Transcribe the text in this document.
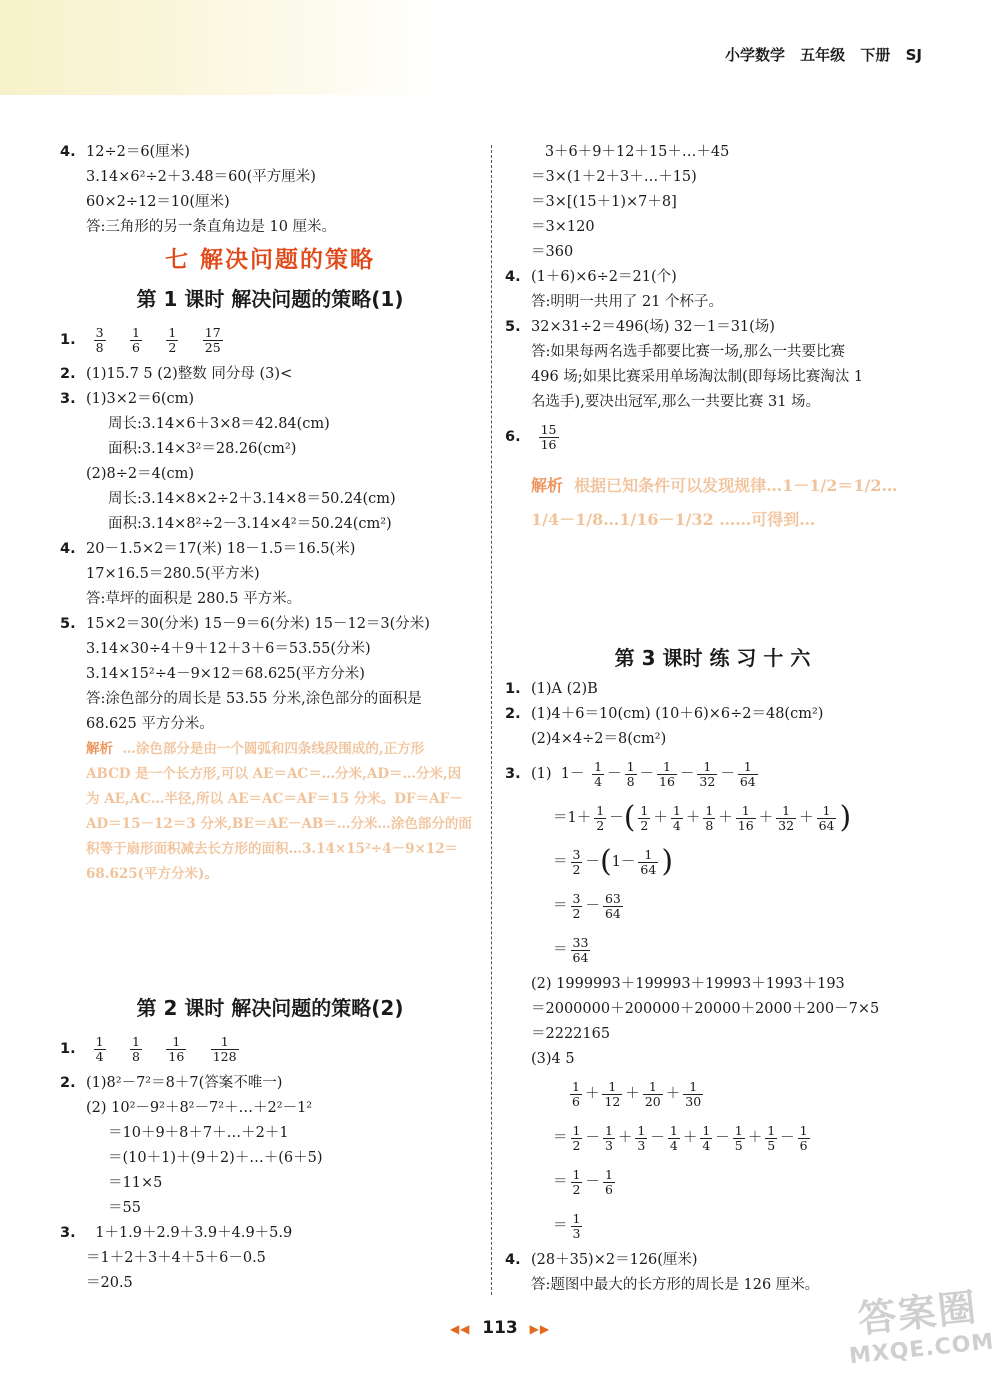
小学数学 五年级 下册 SJ
4. 12÷2＝6(厘米)
3.14×6²÷2＋3.48＝60(平方厘米)
60×2÷12＝10(厘米)
答:三角形的另一条直角边是 10 厘米。
七 解决问题的策略
第 1 课时 解决问题的策略(1)
1. $\frac{3}{8}$
$\frac{1}{6}$
$\frac{1}{2}$
$\frac{17}{25}$
2. (1)15.7 5 (2)整数 同分母 (3)<
3. (1)3×2＝6(cm)
周长:3.14×6＋3×8＝42.84(cm)
面积:3.14×3²＝28.26(cm²)
(2)8÷2＝4(cm)
周长:3.14×8×2÷2＋3.14×8＝50.24(cm)
面积:3.14×8²÷2－3.14×4²＝50.24(cm²)
4. 20－1.5×2＝17(米) 18－1.5＝16.5(米)
17×16.5＝280.5(平方米)
答:草坪的面积是 280.5 平方米。
5. 15×2＝30(分米) 15－9＝6(分米) 15－12＝3(分米)
3.14×30÷4＋9＋12＋3＋6＝53.55(分米)
3.14×15²÷4－9×12＝68.625(平方分米)
答:涂色部分的周长是 53.55 分米,涂色部分的面积是
68.625 平方分米。
解析 …涂色部分是由一个圆弧和四条线段围成的,正方形 ABCD 是一个长方形,可以 AE＝AC＝…分米,AD＝…分米,因为 AE,AC…半径,所以 AE＝AC＝AF＝15 分米。DF＝AF－AD＝15－12＝3 分米,BE＝AE－AB＝…分米…涂色部分的面积等于扇形面积减去长方形的面积…3.14×15²÷4－9×12＝68.625(平方分米)。
第 2 课时 解决问题的策略(2)
1. $\frac{1}{4}$
$\frac{1}{8}$
$\frac{1}{16}$
$\frac{1}{128}$
2. (1)8²－7²＝8＋7(答案不唯一)
(2) 10²－9²＋8²－7²＋…＋2²－1²
＝10＋9＋8＋7＋…＋2＋1
＝(10＋1)＋(9＋2)＋…＋(6＋5)
＝11×5
＝55
3. 1＋1.9＋2.9＋3.9＋4.9＋5.9
＝1＋2＋3＋4＋5＋6－0.5
＝20.5
3＋6＋9＋12＋15＋…＋45
＝3×(1＋2＋3＋…＋15)
＝3×[(15＋1)×7＋8]
＝3×120
＝360
4. (1＋6)×6÷2＝21(个)
答:明明一共用了 21 个杯子。
5. 32×31÷2＝496(场) 32－1＝31(场)
答:如果每两名选手都要比赛一场,那么一共要比赛
496 场;如果比赛采用单场淘汰制(即每场比赛淘汰 1
名选手),要决出冠军,那么一共要比赛 31 场。
6. $\frac{15}{16}$
解析 根据已知条件可以发现规律…1－1/2＝1/2…1/4－1/8…1/16－1/32 ……可得到…
第 3 课时 练 习 十 六
1. (1)A (2)B
2. (1)4＋6＝10(cm) (10＋6)×6÷2＝48(cm²)
(2)4×4÷2＝8(cm²)
3. (1)  $1- \frac{1}{4} - \frac{1}{8} - \frac{1}{16} - \frac{1}{32} - \frac{1}{64}$
$=1+ \frac{1}{2}$ －( $\frac{1}{2} + \frac{1}{4} + \frac{1}{8} + \frac{1}{16} + \frac{1}{32} + \frac{1}{64}$ )
＝ $\frac{3}{2} -(1- \frac{1}{64}$ )
＝ $\frac{3}{2} - \frac{63}{64}$
＝ $\frac{33}{64}$
(2) 1999993＋199993＋19993＋1993＋193
＝2000000＋200000＋20000＋2000＋200－7×5
＝2222165
(3)4 5
$\frac{1}{6} + \frac{1}{12} + \frac{1}{20} + \frac{1}{30}$
＝ $\frac{1}{2} - \frac{1}{3} + \frac{1}{3} - \frac{1}{4} + \frac{1}{4} - \frac{1}{5} + \frac{1}{5} - \frac{1}{6}$
＝ $\frac{1}{2} - \frac{1}{6}$
＝ $\frac{1}{3}$
4. (28＋35)×2＝126(厘米)
答:题图中最大的长方形的周长是 126 厘米。
◀◀ 113 ▶▶	答案圈
MXQE.COM
